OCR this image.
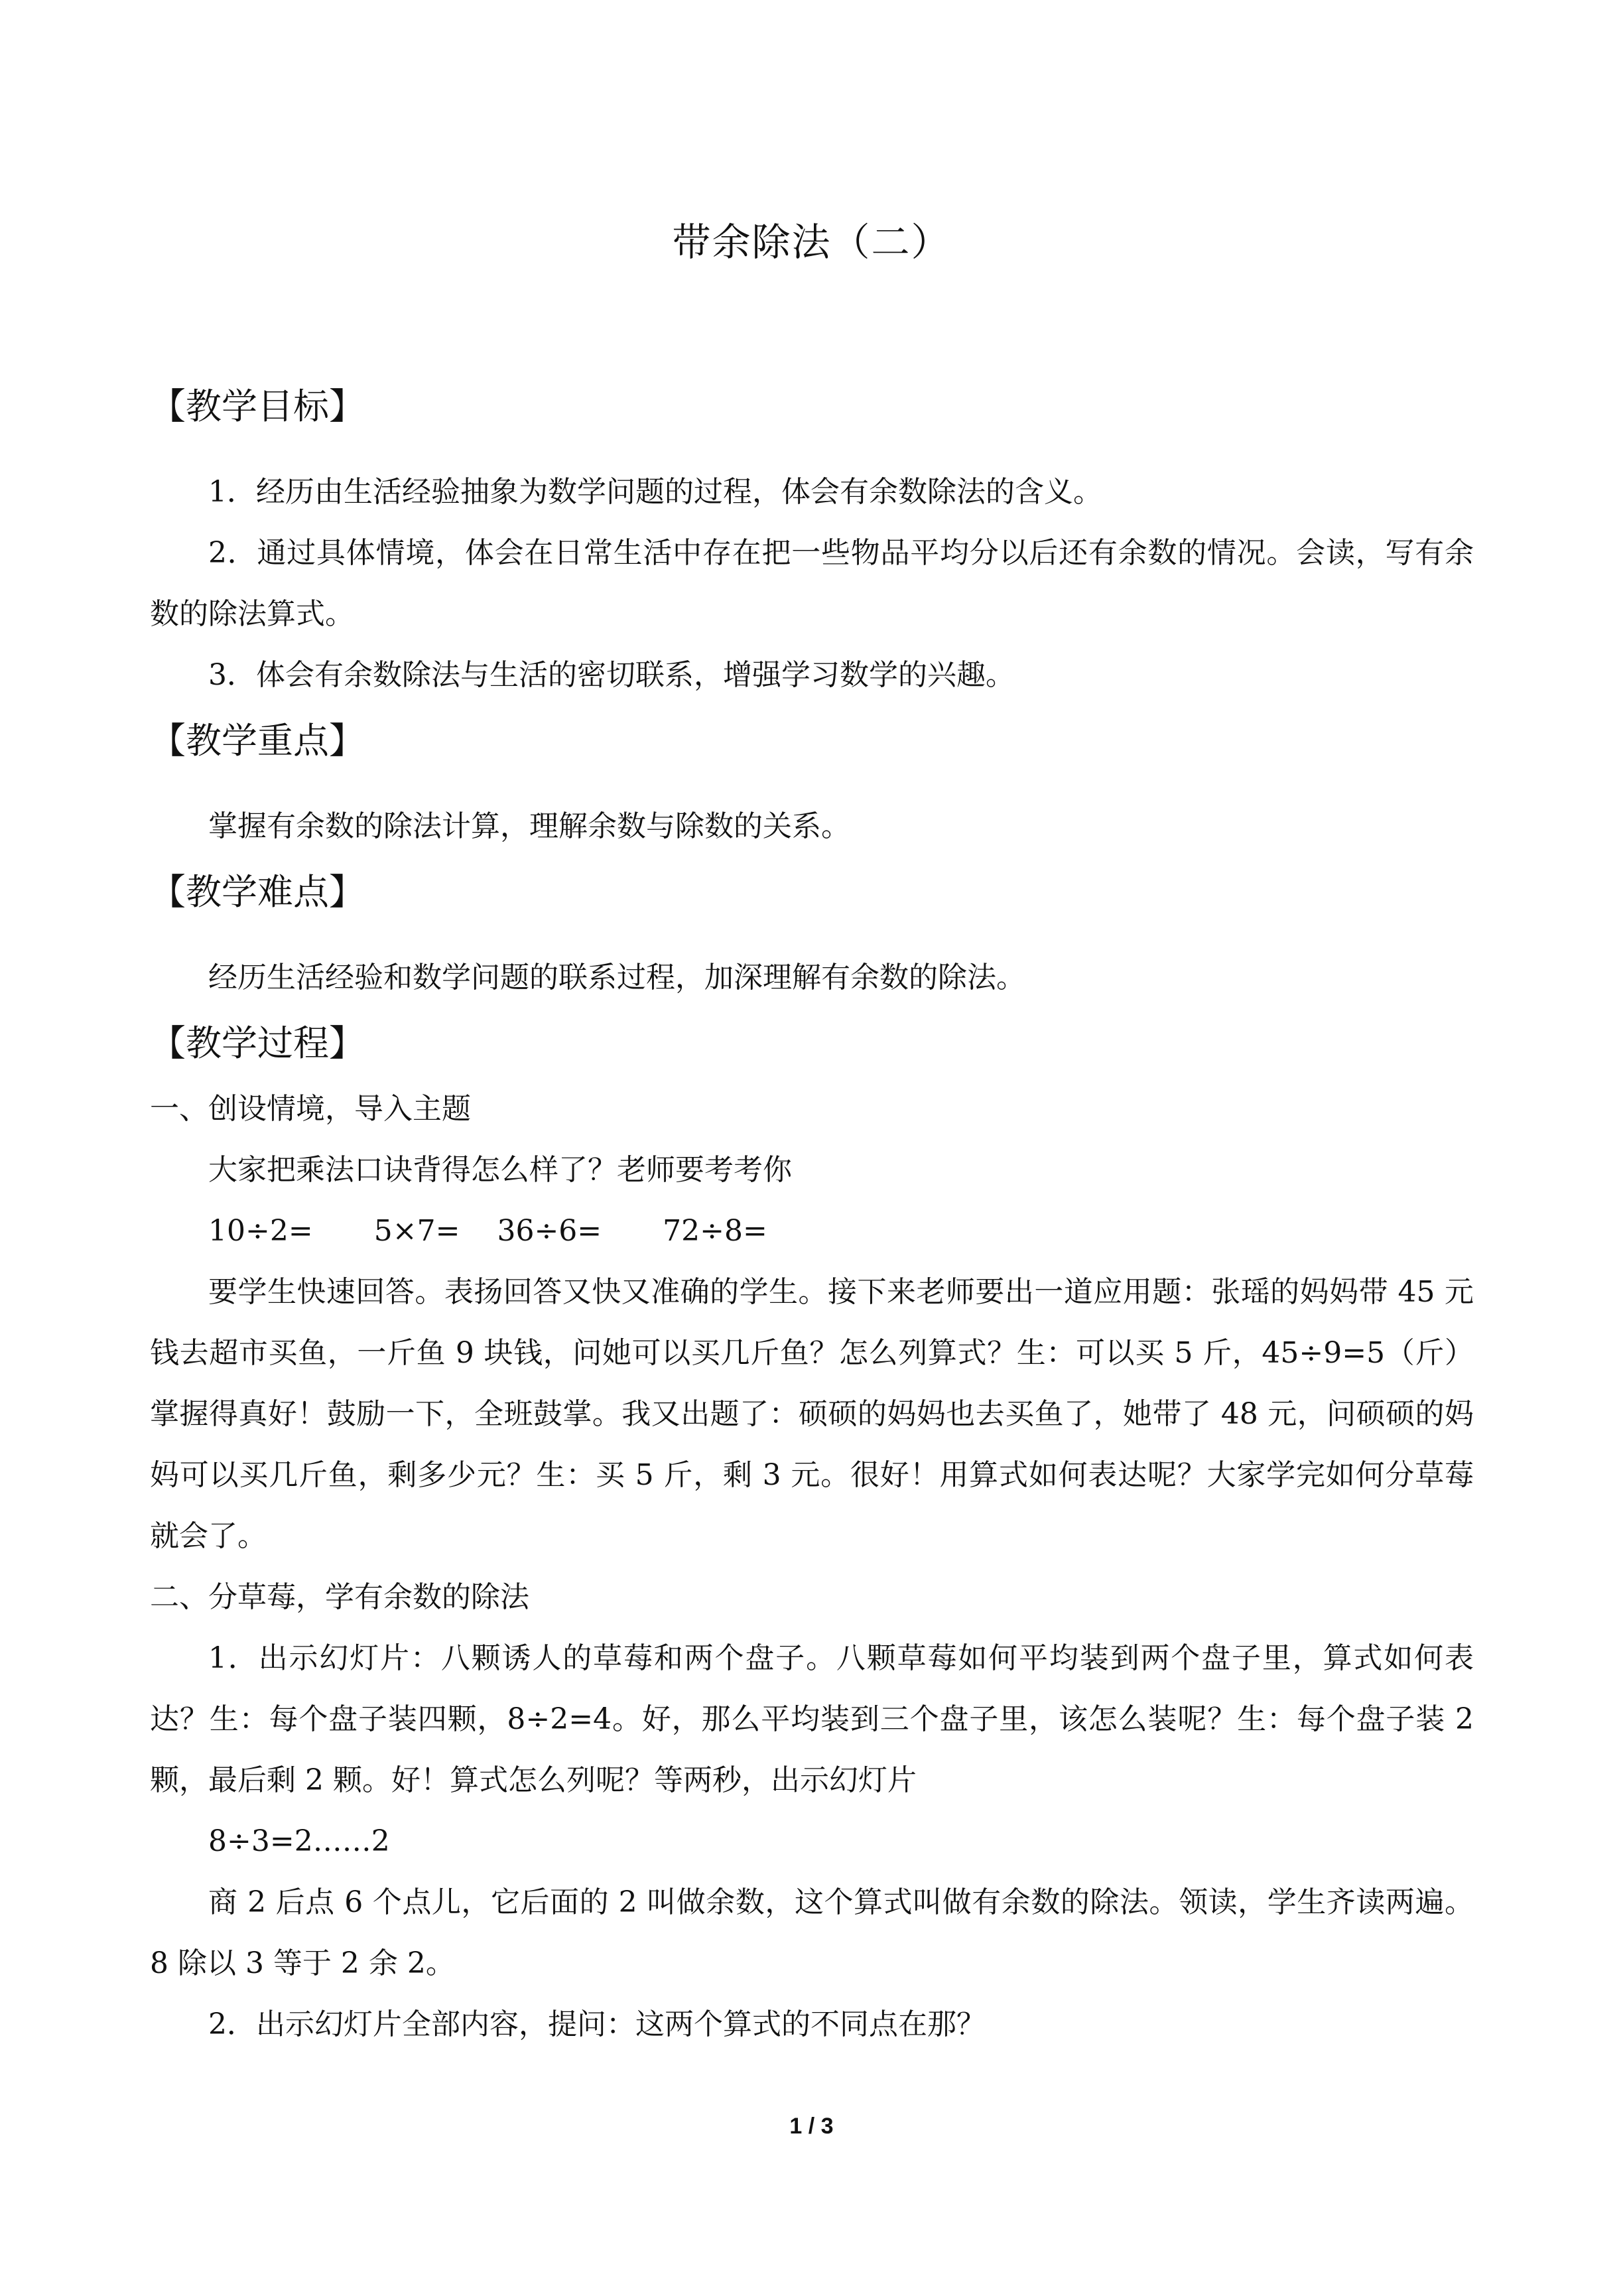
带余除法（二）
【教学目标】

1．经历由生活经验抽象为数学问题的过程，体会有余数除法的含义。

2．通过具体情境，体会在日常生活中存在把一些物品平均分以后还有余数的情况。会读，写有余数的除法算式。

3．体会有余数除法与生活的密切联系，增强学习数学的兴趣。

【教学重点】

掌握有余数的除法计算，理解余数与除数的关系。

【教学难点】

经历生活经验和数学问题的联系过程，加深理解有余数的除法。

【教学过程】

一、创设情境，导入主题

大家把乘法口诀背得怎么样了？老师要考考你

10÷2= 5×7= 36÷6= 72÷8=

要学生快速回答。表扬回答又快又准确的学生。接下来老师要出一道应用题：张瑶的妈妈带 45 元钱去超市买鱼，一斤鱼 9 块钱，问她可以买几斤鱼？怎么列算式？生：可以买 5 斤，45÷9=5（斤）掌握得真好！鼓励一下，全班鼓掌。我又出题了：硕硕的妈妈也去买鱼了，她带了 48 元，问硕硕的妈妈可以买几斤鱼，剩多少元？生：买 5 斤，剩 3 元。很好！用算式如何表达呢？大家学完如何分草莓就会了。

二、分草莓，学有余数的除法

1．出示幻灯片：八颗诱人的草莓和两个盘子。八颗草莓如何平均装到两个盘子里，算式如何表达？生：每个盘子装四颗，8÷2=4。好，那么平均装到三个盘子里，该怎么装呢？生：每个盘子装 2 颗，最后剩 2 颗。好！算式怎么列呢？等两秒，出示幻灯片

8÷3=2……2

商 2 后点 6 个点儿，它后面的 2 叫做余数，这个算式叫做有余数的除法。领读，学生齐读两遍。8 除以 3 等于 2 余 2。

2．出示幻灯片全部内容，提问：这两个算式的不同点在那？

1 / 3
